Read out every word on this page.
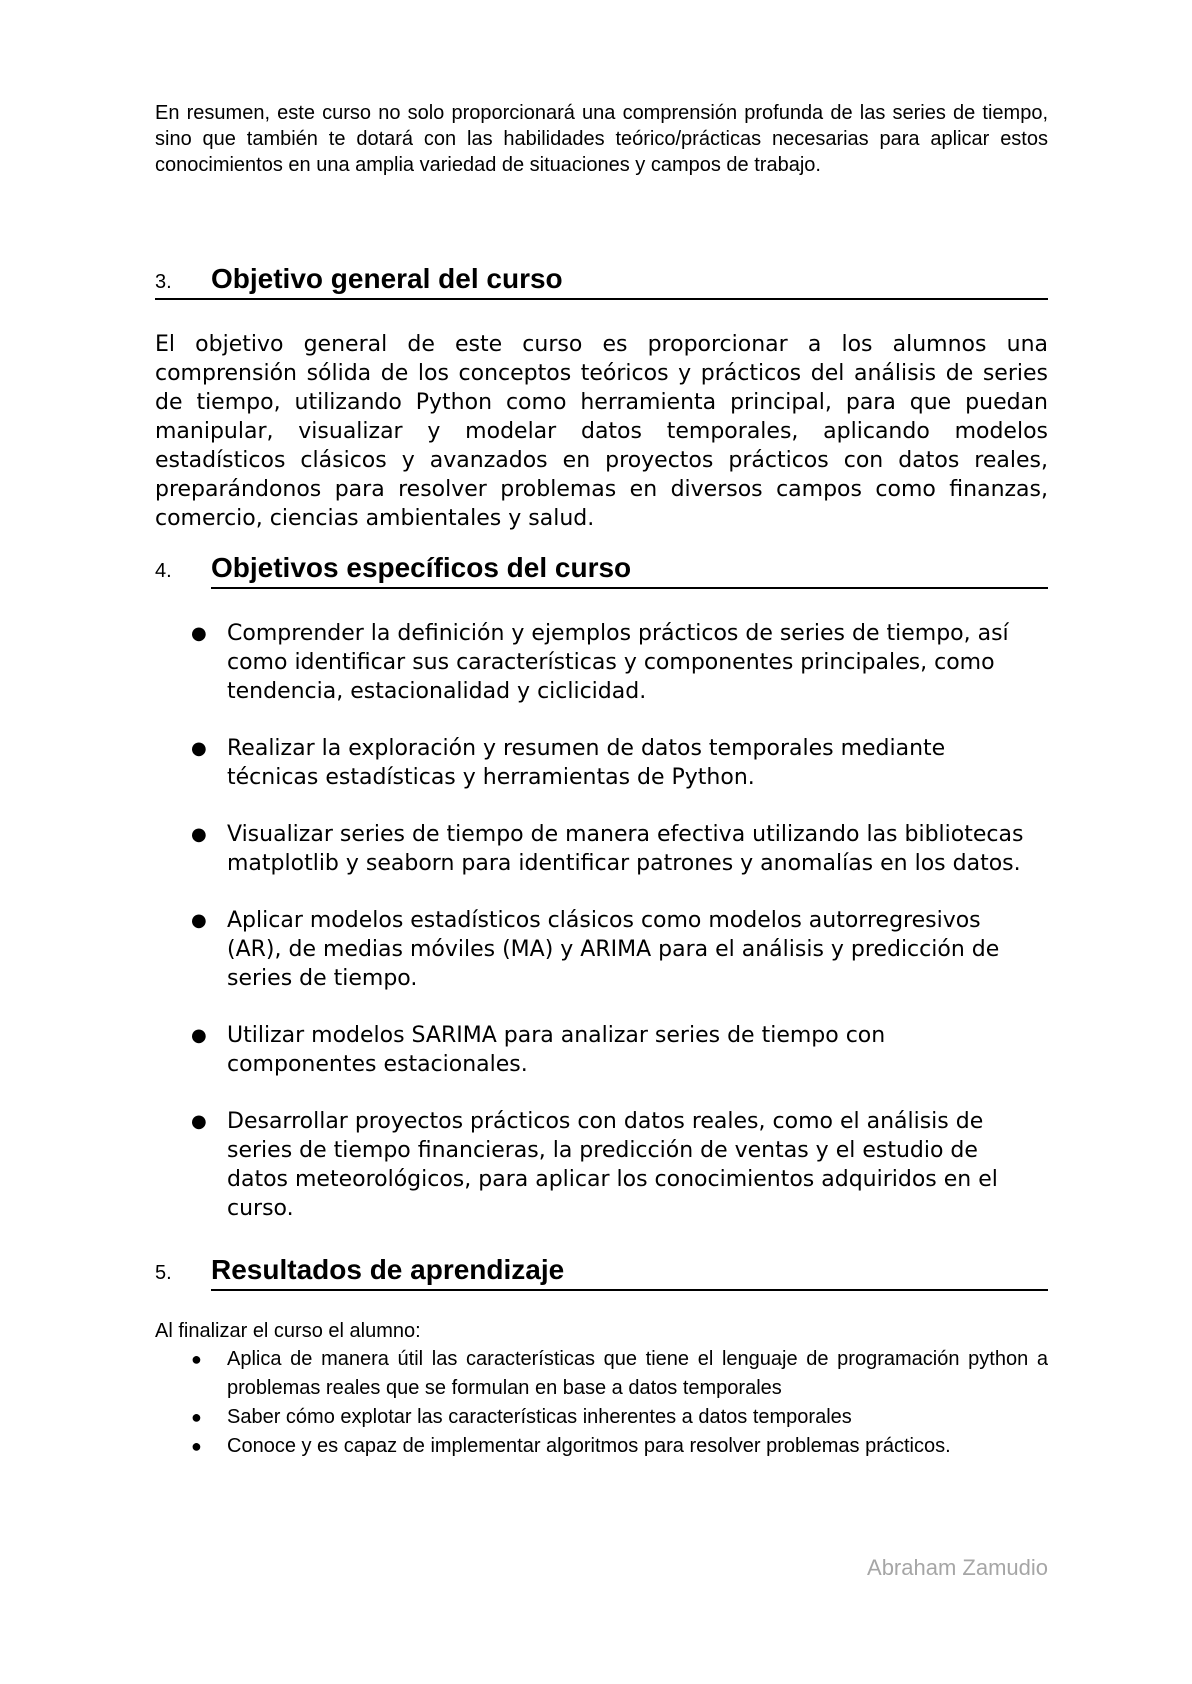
En resumen, este curso no solo proporcionará una comprensión profunda de las series de tiempo, sino que también te dotará con las habilidades teórico/prácticas necesarias para aplicar estos conocimientos en una amplia variedad de situaciones y campos de trabajo.

3.	Objetivo general del curso

El objetivo general de este curso es proporcionar a los alumnos una comprensión sólida de los conceptos teóricos y prácticos del análisis de series de tiempo, utilizando Python como herramienta principal, para que puedan manipular, visualizar y modelar datos temporales, aplicando modelos estadísticos clásicos y avanzados en proyectos prácticos con datos reales, preparándonos para resolver problemas en diversos campos como finanzas, comercio, ciencias ambientales y salud.

4.	Objetivos específicos del curso
● Comprender la definición y ejemplos prácticos de series de tiempo, así como identificar sus características y componentes principales, como tendencia, estacionalidad y ciclicidad.
● Realizar la exploración y resumen de datos temporales mediante técnicas estadísticas y herramientas de Python.
● Visualizar series de tiempo de manera efectiva utilizando las bibliotecas matplotlib y seaborn para identificar patrones y anomalías en los datos.
● Aplicar modelos estadísticos clásicos como modelos autorregresivos (AR), de medias móviles (MA) y ARIMA para el análisis y predicción de series de tiempo.
● Utilizar modelos SARIMA para analizar series de tiempo con componentes estacionales.
● Desarrollar proyectos prácticos con datos reales, como el análisis de series de tiempo financieras, la predicción de ventas y el estudio de datos meteorológicos, para aplicar los conocimientos adquiridos en el curso.
5.	Resultados de aprendizaje

Al finalizar el curso el alumno:

●	Aplica de manera útil las características que tiene el lenguaje de programación python a problemas reales que se formulan en base a datos temporales
●	Saber cómo explotar las características inherentes a datos temporales
●	Conoce y es capaz de implementar algoritmos para resolver problemas prácticos.
Abraham Zamudio
